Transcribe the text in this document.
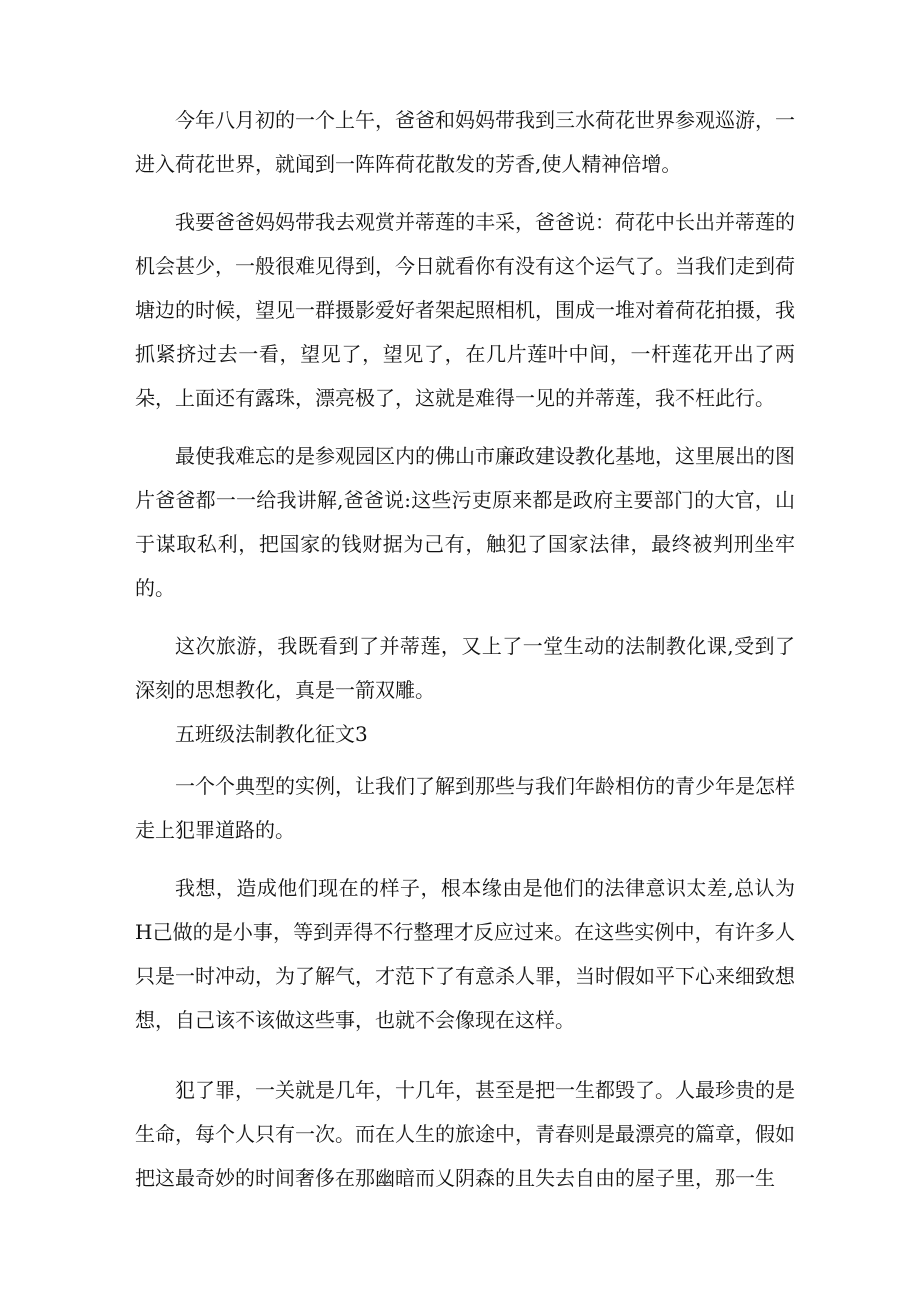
今年八月初的一个上午，爸爸和妈妈带我到三水荷花世界参观巡游，一进入荷花世界，就闻到一阵阵荷花散发的芳香,使人精神倍增。

我要爸爸妈妈带我去观赏并蒂莲的丰采，爸爸说：荷花中长出并蒂莲的机会甚少，一般很难见得到，今日就看你有没有这个运气了。当我们走到荷塘边的时候，望见一群摄影爱好者架起照相机，围成一堆对着荷花拍摄，我抓紧挤过去一看，望见了，望见了，在几片莲叶中间，一杆莲花开出了两朵，上面还有露珠，漂亮极了，这就是难得一见的并蒂莲，我不枉此行。

最使我难忘的是参观园区内的佛山市廉政建设教化基地，这里展出的图片爸爸都一一给我讲解,爸爸说:这些污吏原来都是政府主要部门的大官，山于谋取私利，把国家的钱财据为己有，触犯了国家法律，最终被判刑坐牢的。

这次旅游，我既看到了并蒂莲，又上了一堂生动的法制教化课,受到了深刻的思想教化，真是一箭双雕。

五班级法制教化征文3

一个个典型的实例，让我们了解到那些与我们年龄相仿的青少年是怎样走上犯罪道路的。

我想，造成他们现在的样子，根本缘由是他们的法律意识太差,总认为H己做的是小事，等到弄得不行整理才反应过来。在这些实例中，有许多人只是一时冲动，为了解气，才范下了有意杀人罪，当时假如平下心来细致想想，自己该不该做这些事，也就不会像现在这样。

犯了罪，一关就是几年，十几年，甚至是把一生都毁了。人最珍贵的是生命，每个人只有一次。而在人生的旅途中，青春则是最漂亮的篇章，假如把这最奇妙的时间奢侈在那幽暗而乂阴森的且失去自由的屋子里，那一生
